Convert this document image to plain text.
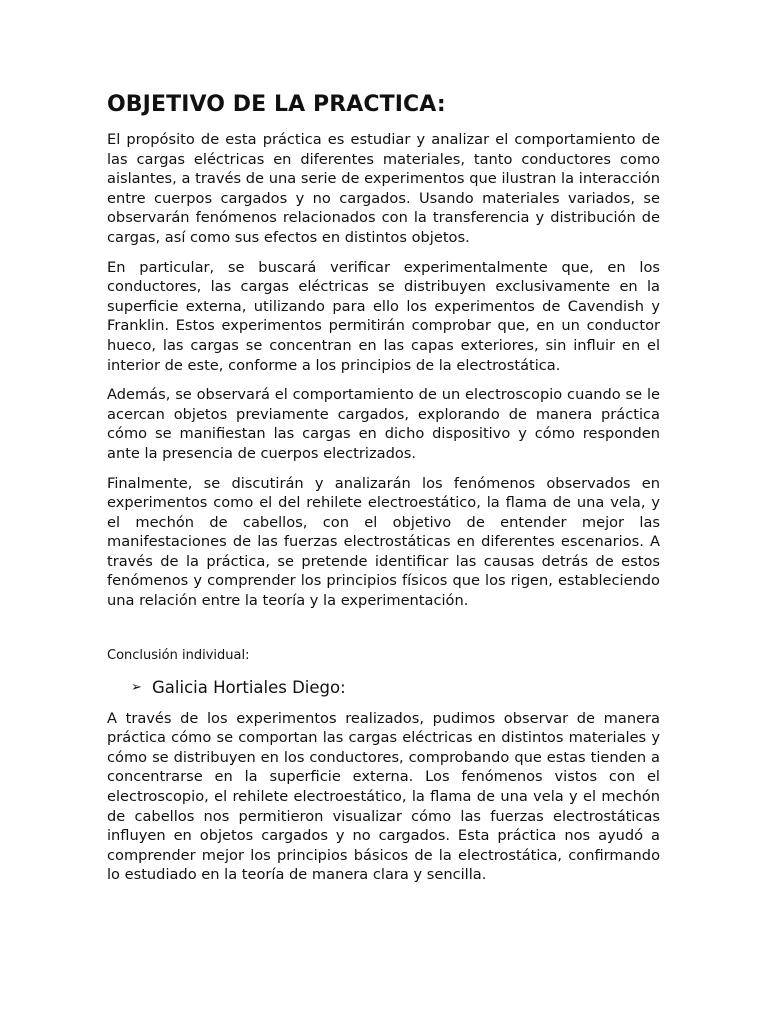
OBJETIVO DE LA PRACTICA:

El propósito de esta práctica es estudiar y analizar el comportamiento de las cargas eléctricas en diferentes materiales, tanto conductores como aislantes, a través de una serie de experimentos que ilustran la interacción entre cuerpos cargados y no cargados. Usando materiales variados, se observarán fenómenos relacionados con la transferencia y distribución de cargas, así como sus efectos en distintos objetos.

En particular, se buscará verificar experimentalmente que, en los conductores, las cargas eléctricas se distribuyen exclusivamente en la superficie externa, utilizando para ello los experimentos de Cavendish y Franklin. Estos experimentos permitirán comprobar que, en un conductor hueco, las cargas se concentran en las capas exteriores, sin influir en el interior de este, conforme a los principios de la electrostática.

Además, se observará el comportamiento de un electroscopio cuando se le acercan objetos previamente cargados, explorando de manera práctica cómo se manifiestan las cargas en dicho dispositivo y cómo responden ante la presencia de cuerpos electrizados.

Finalmente, se discutirán y analizarán los fenómenos observados en experimentos como el del rehilete electroestático, la flama de una vela, y el mechón de cabellos, con el objetivo de entender mejor las manifestaciones de las fuerzas electrostáticas en diferentes escenarios. A través de la práctica, se pretende identificar las causas detrás de estos fenómenos y comprender los principios físicos que los rigen, estableciendo una relación entre la teoría y la experimentación.

Conclusión individual:
➢ Galicia Hortiales Diego:

A través de los experimentos realizados, pudimos observar de manera práctica cómo se comportan las cargas eléctricas en distintos materiales y cómo se distribuyen en los conductores, comprobando que estas tienden a concentrarse en la superficie externa. Los fenómenos vistos con el electroscopio, el rehilete electroestático, la flama de una vela y el mechón de cabellos nos permitieron visualizar cómo las fuerzas electrostáticas influyen en objetos cargados y no cargados. Esta práctica nos ayudó a comprender mejor los principios básicos de la electrostática, confirmando lo estudiado en la teoría de manera clara y sencilla.
